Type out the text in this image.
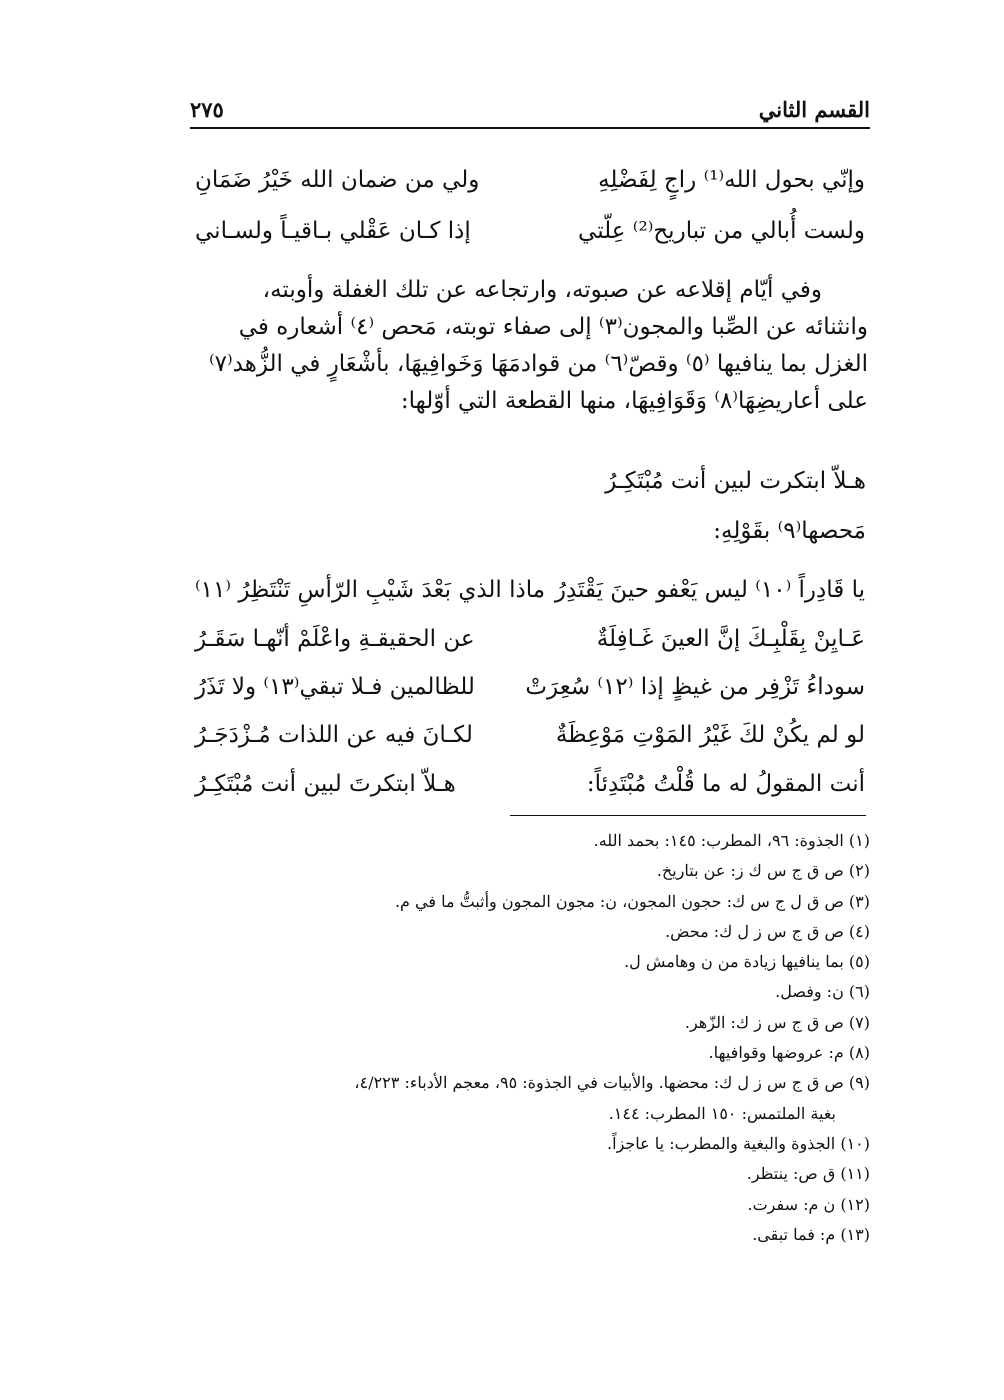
القسم الثاني
٢٧٥
وإنّي بحول الله⁽¹⁾ راجٍ لِفَضْلِهِ
ولي من ضمان الله خَيْرُ ضَمَانِ
ولست أُبالي من تباريح⁽²⁾ عِلّتي
إذا كـان عَقْلي بـاقيـاً ولسـاني
وفي أيّام إقلاعه عن صبوته، وارتجاعه عن تلك الغفلة وأوبته،
وانثنائه عن الصِّبا والمجون⁽٣⁾ إلى صفاء توبته، مَحص ⁽٤⁾ أشعاره في
الغزل بما ينافيها ⁽٥⁾ وقصّ⁽٦⁾ من قوادمَهَا وَخَوافِيهَا، بأشْعَارٍ في الزُّهد⁽٧⁾
على أعاريضِهَا⁽٨⁾ وَقَوَافِيهَا، منها القطعة التي أوّلها:
هـلاّ ابتكرت لبين أنت مُبْتَكِـرُ
مَحصها⁽٩⁾ بقَوْلِهِ:
يا قَادِراً ⁽١٠⁾ ليس يَعْفو حينَ يَقْتَدِرُ
ماذا الذي بَعْدَ شَيْبِ الرّأسِ تَنْتَظِرُ ⁽١١⁾
عَـايِنْ بِقَلْبِـكَ إنَّ العينَ غَـافِلَةٌ
عن الحقيقـةِ واعْلَمْ أنّهـا سَقَـرُ
سوداءُ تَزْفِر من غيظٍ إذا ⁽١٢⁾ سُعِرَتْ
للظالمين فـلا تبقي⁽١٣⁾ ولا تَذَرُ
لو لم يكُنْ لكَ غَيْرُ المَوْتِ مَوْعِظَةٌ
لكـانَ فيه عن اللذات مُـزْدَجَـرُ
أنت المقولُ له ما قُلْتُ مُبْتَدِئاً:
هـلاّ ابتكرتَ لبين أنت مُبْتَكِـرُ
(١) الجذوة: ٩٦، المطرب: ١٤٥: بحمد الله.
(٢) ص ق ج س ك ز: عن بتاريخ.
(٣) ص ق ل ج س ك: حجون المجون، ن: مجون المجون وأثبتُّ ما في م.
(٤) ص ق ج س ز ل ك: محض.
(٥) بما ينافيها زيادة من ن وهامش ل.
(٦) ن: وفصل.
(٧) ص ق ج س ز ك: الزّهر.
(٨) م: عروضها وقوافيها.
(٩) ص ق ج س ز ل ك: محضها. والأبيات في الجذوة: ٩٥، معجم الأدباء: ٤/٢٢٣،
بغية الملتمس: ١٥٠ المطرب: ١٤٤.
(١٠) الجذوة والبغية والمطرب: يا عاجزاً.
(١١) ق ص: ينتظر.
(١٢) ن م: سفرت.
(١٣) م: فما تبقى.
